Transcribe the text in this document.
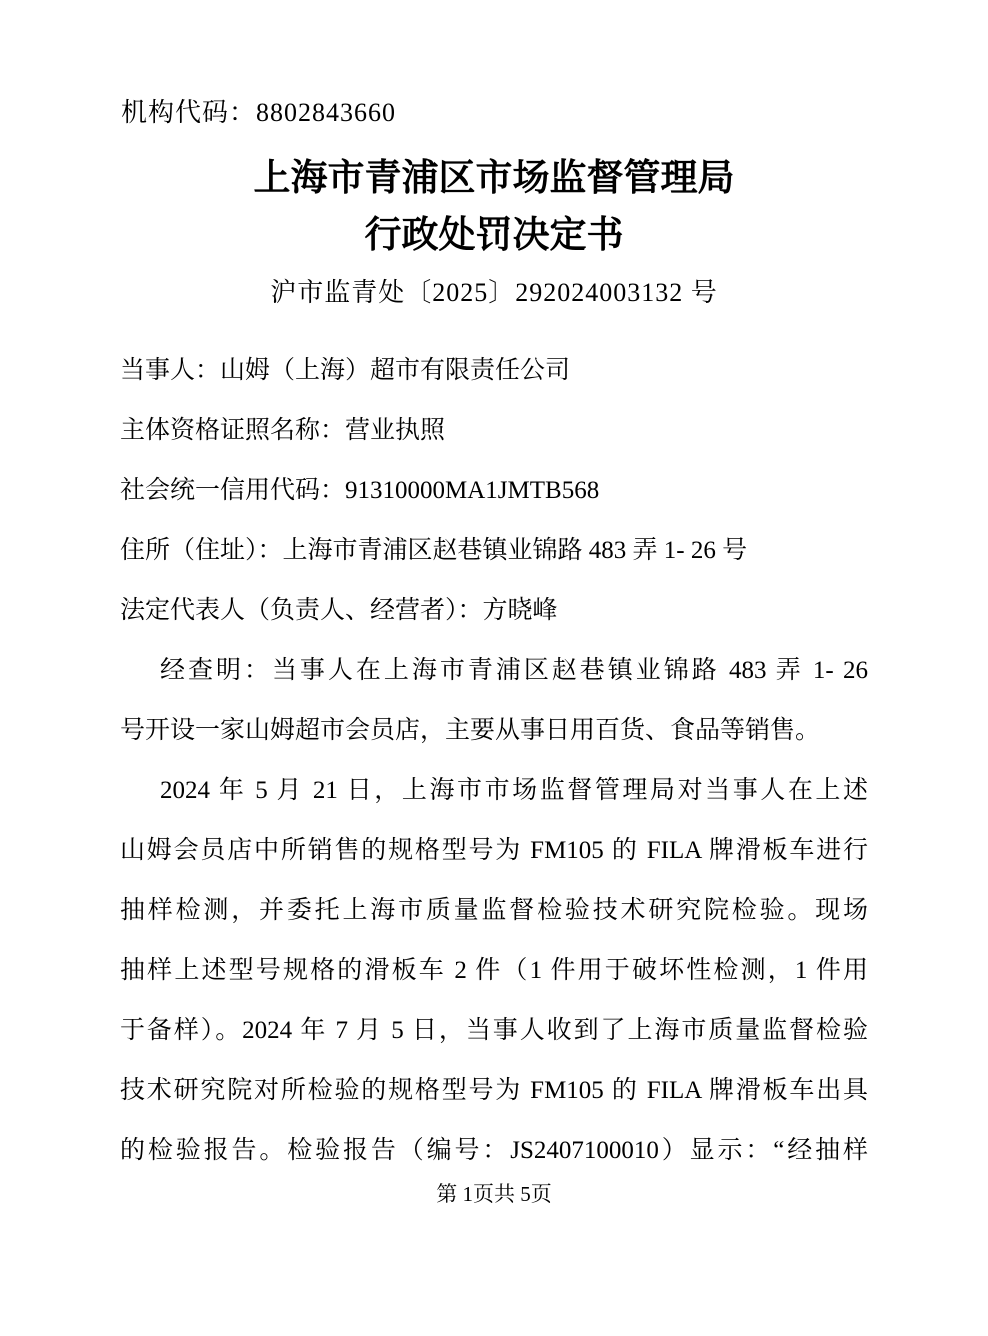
机构代码：8802843660
上海市青浦区市场监督管理局
行政处罚决定书
沪市监青处〔2025〕292024003132 号
当事人：山姆（上海）超市有限责任公司
主体资格证照名称：营业执照
社会统一信用代码：91310000MA1JMTB568
住所（住址）：上海市青浦区赵巷镇业锦路 483 弄 1- 26 号
法定代表人（负责人、经营者）：方晓峰
经查明：当事人在上海市青浦区赵巷镇业锦路 483 弄 1- 26
号开设一家山姆超市会员店，主要从事日用百货、食品等销售。
2024 年 5 月 21 日，上海市市场监督管理局对当事人在上述
山姆会员店中所销售的规格型号为 FM105 的 FILA 牌滑板车进行
抽样检测，并委托上海市质量监督检验技术研究院检验。现场
抽样上述型号规格的滑板车 2 件（1 件用于破坏性检测，1 件用
于备样）。2024 年 7 月 5 日，当事人收到了上海市质量监督检验
技术研究院对所检验的规格型号为 FM105 的 FILA 牌滑板车出具
的检验报告。检验报告（编号：JS2407100010）显示：“经抽样
第 1页共 5页
